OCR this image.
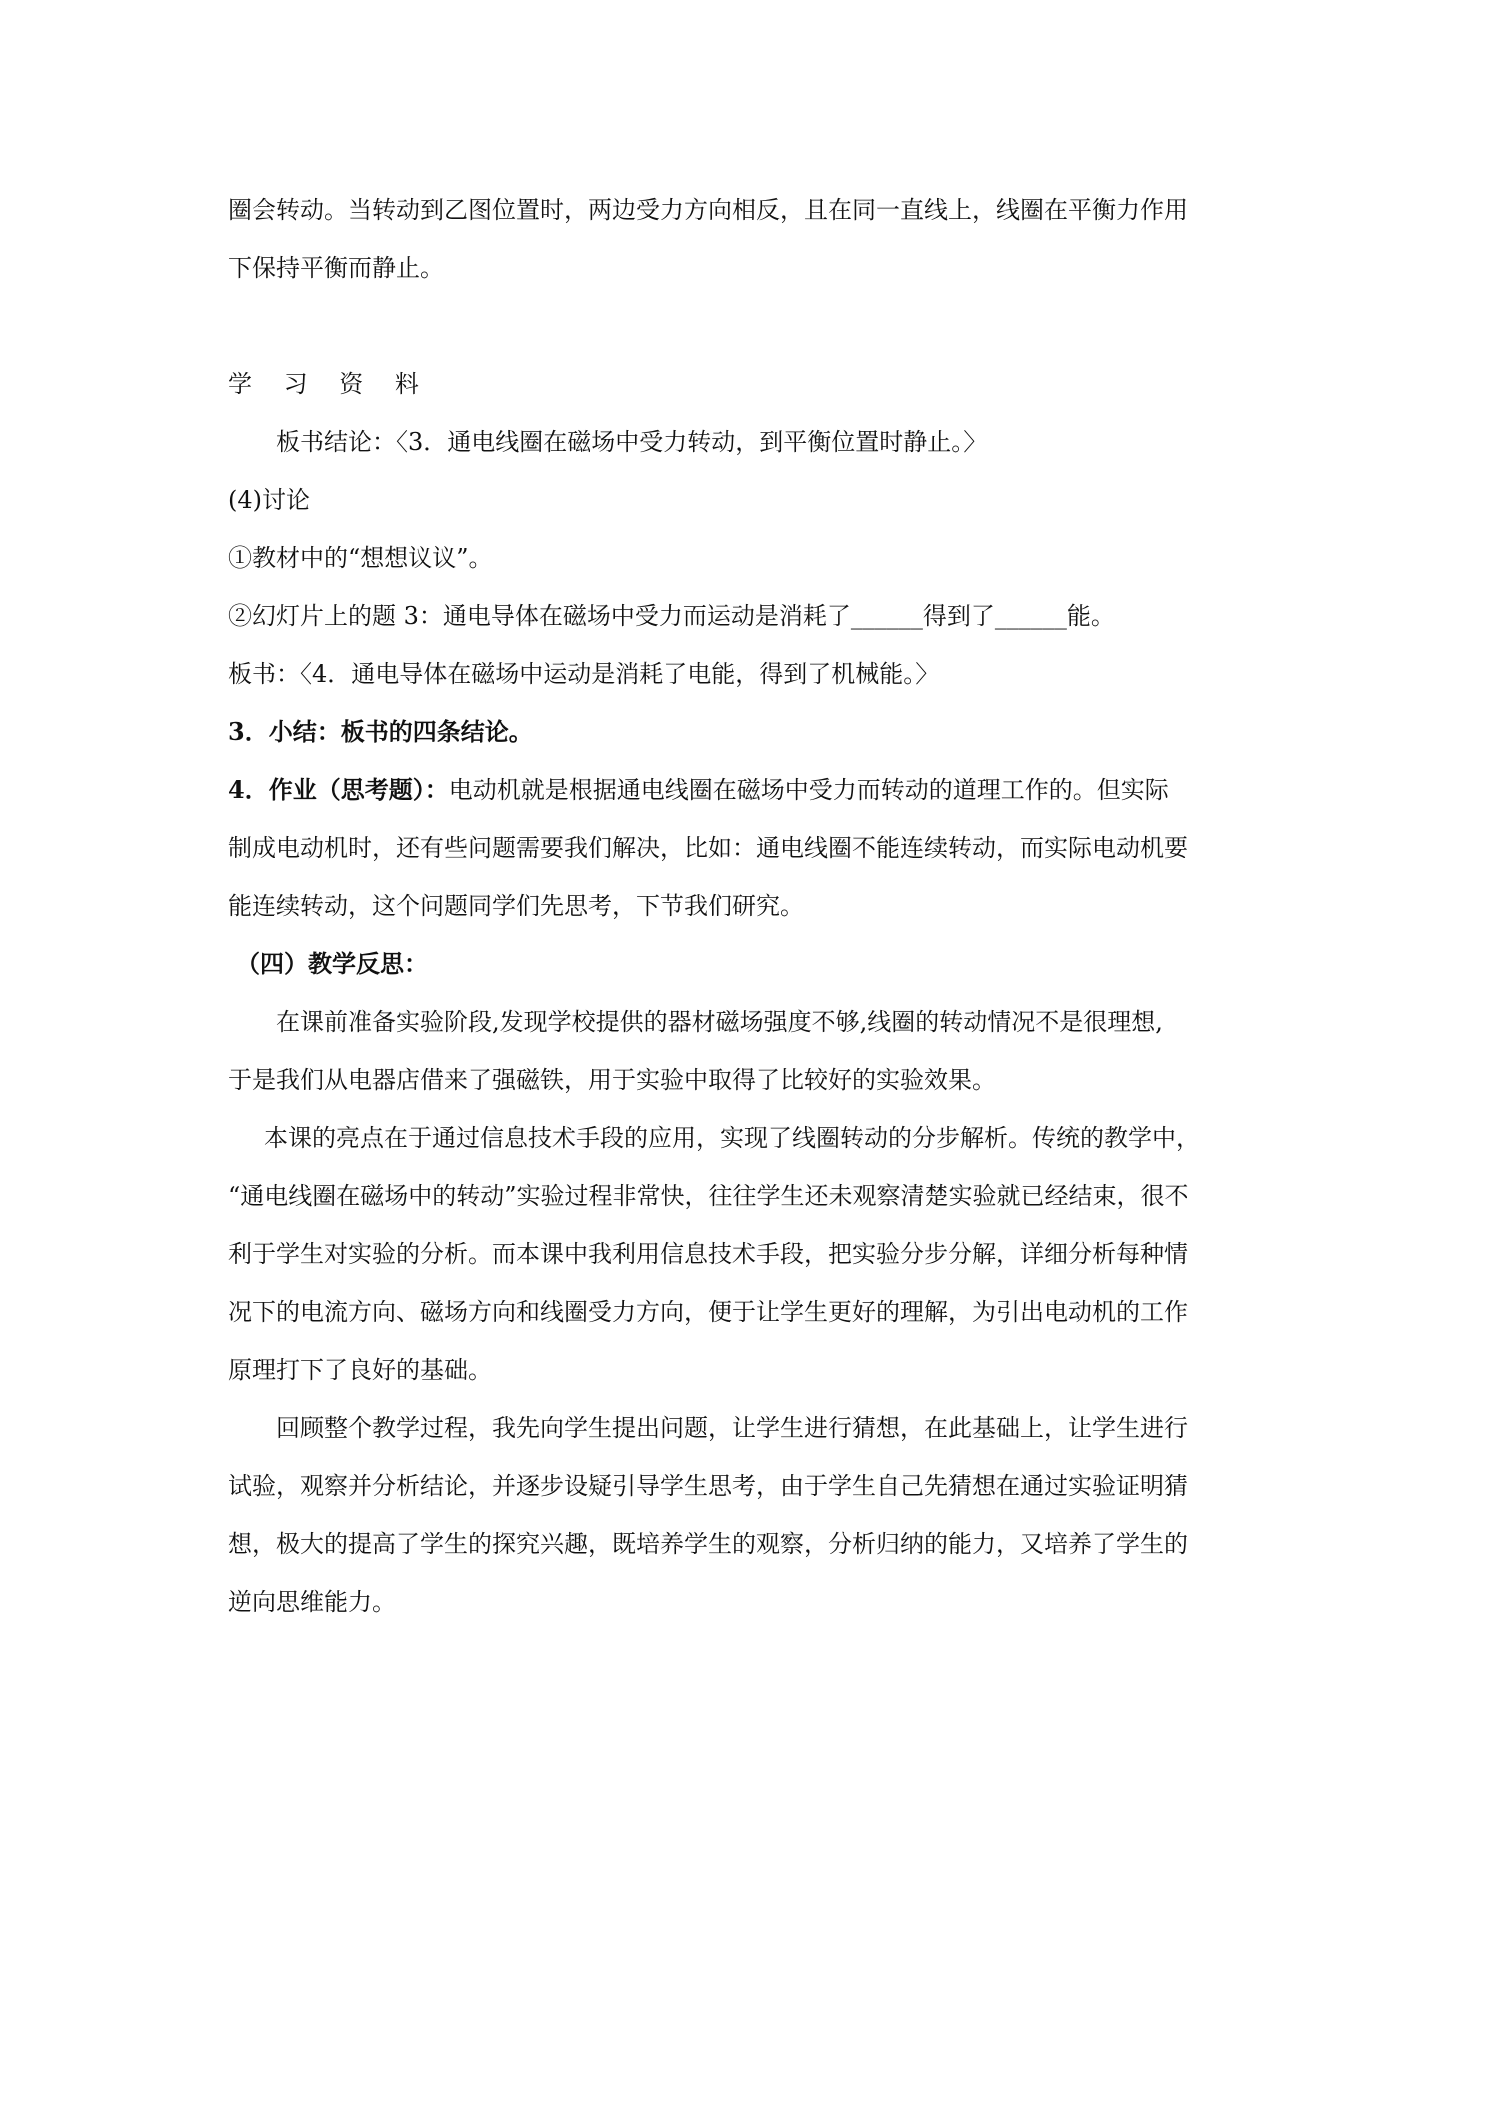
圈会转动。当转动到乙图位置时，两边受力方向相反，且在同一直线上，线圈在平衡力作用
下保持平衡而静止。
学 习 资 料
板书结论：〈3．通电线圈在磁场中受力转动，到平衡位置时静止。〉
(4)讨论
①教材中的“想想议议”。
②幻灯片上的题 3：通电导体在磁场中受力而运动是消耗了______得到了______能。
板书：〈4．通电导体在磁场中运动是消耗了电能，得到了机械能。〉
3．小结：板书的四条结论。
4．作业（思考题）：电动机就是根据通电线圈在磁场中受力而转动的道理工作的。但实际
制成电动机时，还有些问题需要我们解决，比如：通电线圈不能连续转动，而实际电动机要
能连续转动，这个问题同学们先思考，下节我们研究。
（四）教学反思：
在课前准备实验阶段,发现学校提供的器材磁场强度不够,线圈的转动情况不是很理想,
于是我们从电器店借来了强磁铁，用于实验中取得了比较好的实验效果。
本课的亮点在于通过信息技术手段的应用，实现了线圈转动的分步解析。传统的教学中，
“通电线圈在磁场中的转动”实验过程非常快，往往学生还未观察清楚实验就已经结束，很不
利于学生对实验的分析。而本课中我利用信息技术手段，把实验分步分解，详细分析每种情
况下的电流方向、磁场方向和线圈受力方向，便于让学生更好的理解，为引出电动机的工作
原理打下了良好的基础。
回顾整个教学过程，我先向学生提出问题，让学生进行猜想，在此基础上，让学生进行
试验，观察并分析结论，并逐步设疑引导学生思考，由于学生自己先猜想在通过实验证明猜
想，极大的提高了学生的探究兴趣，既培养学生的观察，分析归纳的能力，又培养了学生的
逆向思维能力。
